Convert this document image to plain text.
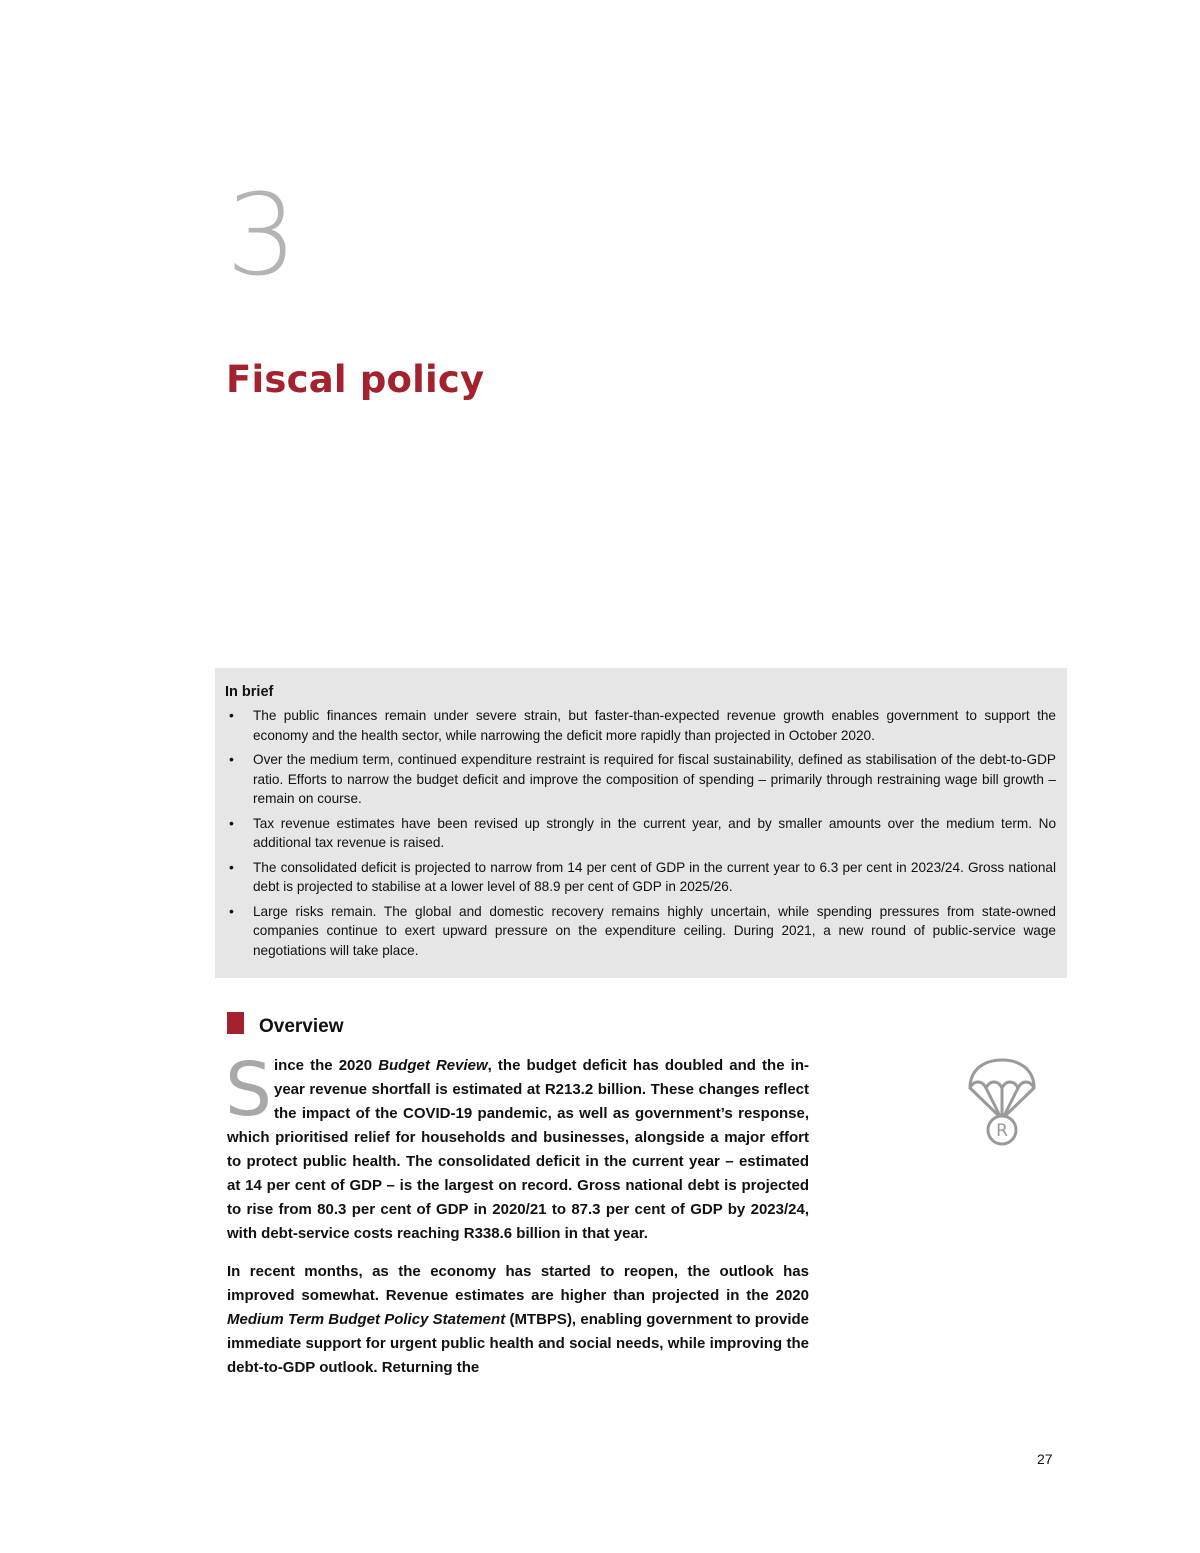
3
Fiscal policy
In brief
• The public finances remain under severe strain, but faster-than-expected revenue growth enables government to support the economy and the health sector, while narrowing the deficit more rapidly than projected in October 2020.
• Over the medium term, continued expenditure restraint is required for fiscal sustainability, defined as stabilisation of the debt-to-GDP ratio. Efforts to narrow the budget deficit and improve the composition of spending – primarily through restraining wage bill growth – remain on course.
• Tax revenue estimates have been revised up strongly in the current year, and by smaller amounts over the medium term. No additional tax revenue is raised.
• The consolidated deficit is projected to narrow from 14 per cent of GDP in the current year to 6.3 per cent in 2023/24. Gross national debt is projected to stabilise at a lower level of 88.9 per cent of GDP in 2025/26.
• Large risks remain. The global and domestic recovery remains highly uncertain, while spending pressures from state-owned companies continue to exert upward pressure on the expenditure ceiling. During 2021, a new round of public-service wage negotiations will take place.
Overview

Since the 2020 Budget Review, the budget deficit has doubled and the in-year revenue shortfall is estimated at R213.2 billion. These changes reflect the impact of the COVID-19 pandemic, as well as government’s response, which prioritised relief for households and businesses, alongside a major effort to protect public health. The consolidated deficit in the current year – estimated at 14 per cent of GDP – is the largest on record. Gross national debt is projected to rise from 80.3 per cent of GDP in 2020/21 to 87.3 per cent of GDP by 2023/24, with debt-service costs reaching R338.6 billion in that year.

In recent months, as the economy has started to reopen, the outlook has improved somewhat. Revenue estimates are higher than projected in the 2020 Medium Term Budget Policy Statement (MTBPS), enabling government to provide immediate support for urgent public health and social needs, while improving the debt-to-GDP outlook. Returning the

R
27
